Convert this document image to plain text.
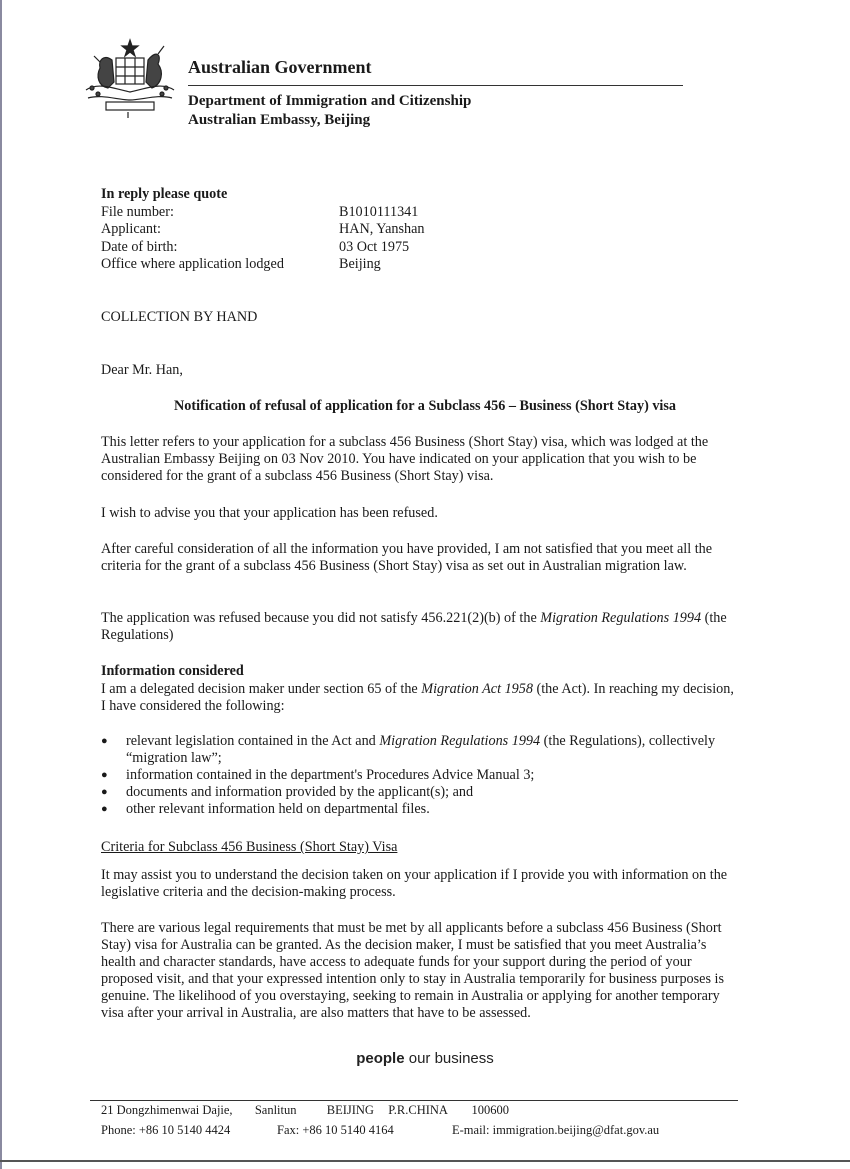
Australian Government
Department of Immigration and Citizenship
Australian Embassy, Beijing
In reply please quote
File number:	B1010111341
Applicant:	HAN, Yanshan
Date of birth:	03 Oct 1975
Office where application lodged	Beijing
COLLECTION BY HAND
Dear Mr. Han,
Notification of refusal of application for a Subclass 456 – Business (Short Stay) visa
This letter refers to your application for a subclass 456 Business (Short Stay) visa, which was lodged at the Australian Embassy Beijing on 03 Nov 2010. You have indicated on your application that you wish to be considered for the grant of a subclass 456 Business (Short Stay) visa.
I wish to advise you that your application has been refused.
After careful consideration of all the information you have provided, I am not satisfied that you meet all the criteria for the grant of a subclass 456 Business (Short Stay) visa as set out in Australian migration law.
The application was refused because you did not satisfy 456.221(2)(b) of the Migration Regulations 1994 (the Regulations)
Information considered
I am a delegated decision maker under section 65 of the Migration Act 1958 (the Act). In reaching my decision, I have considered the following:
●	relevant legislation contained in the Act and Migration Regulations 1994 (the Regulations), collectively “migration law”;
●	information contained in the department's Procedures Advice Manual 3;
●	documents and information provided by the applicant(s); and
●	other relevant information held on departmental files.
Criteria for Subclass 456 Business (Short Stay) Visa
It may assist you to understand the decision taken on your application if I provide you with information on the legislative criteria and the decision-making process.
There are various legal requirements that must be met by all applicants before a subclass 456 Business (Short Stay) visa for Australia can be granted. As the decision maker, I must be satisfied that you meet Australia’s health and character standards, have access to adequate funds for your support during the period of your proposed visit, and that your expressed intention only to stay in Australia temporarily for business purposes is genuine. The likelihood of you overstaying, seeking to remain in Australia or applying for another temporary visa after your arrival in Australia, are also matters that have to be assessed.
people our business
21 Dongzhimenwai Dajie, Sanlitun BEIJING P.R.CHINA 100600
Phone: +86 10 5140 4424	Fax: +86 10 5140 4164	E-mail: immigration.beijing@dfat.gov.au
